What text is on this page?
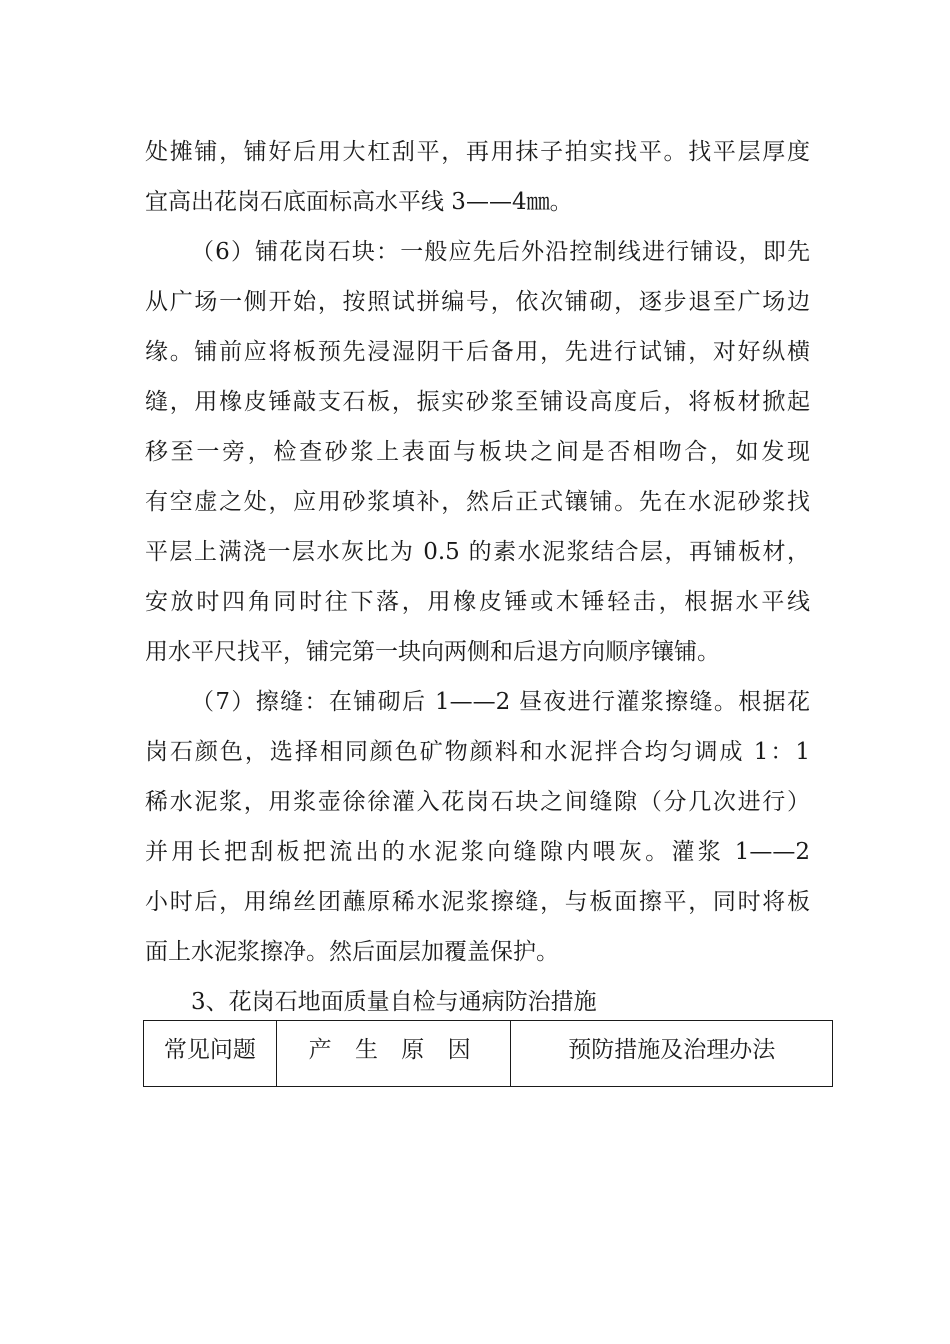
处摊铺，铺好后用大杠刮平，再用抹子拍实找平。找平层厚度
宜高出花岗石底面标高水平线 3——4㎜。
（6）铺花岗石块：一般应先后外沿控制线进行铺设，即先
从广场一侧开始，按照试拼编号，依次铺砌，逐步退至广场边
缘。铺前应将板预先浸湿阴干后备用，先进行试铺，对好纵横
缝，用橡皮锤敲支石板，振实砂浆至铺设高度后，将板材掀起
移至一旁，检查砂浆上表面与板块之间是否相吻合，如发现
有空虚之处，应用砂浆填补，然后正式镶铺。先在水泥砂浆找
平层上满浇一层水灰比为 0.5 的素水泥浆结合层，再铺板材，
安放时四角同时往下落，用橡皮锤或木锤轻击，根据水平线
用水平尺找平，铺完第一块向两侧和后退方向顺序镶铺。
（7）擦缝：在铺砌后 1——2 昼夜进行灌浆擦缝。根据花
岗石颜色，选择相同颜色矿物颜料和水泥拌合均匀调成 1：1
稀水泥浆，用浆壶徐徐灌入花岗石块之间缝隙（分几次进行）
并用长把刮板把流出的水泥浆向缝隙内喂灰。灌浆 1——2
小时后，用绵丝团蘸原稀水泥浆擦缝，与板面擦平，同时将板
面上水泥浆擦净。然后面层加覆盖保护。
3、花岗石地面质量自检与通病防治措施
常见问题	产 生 原 因	预防措施及治理办法
